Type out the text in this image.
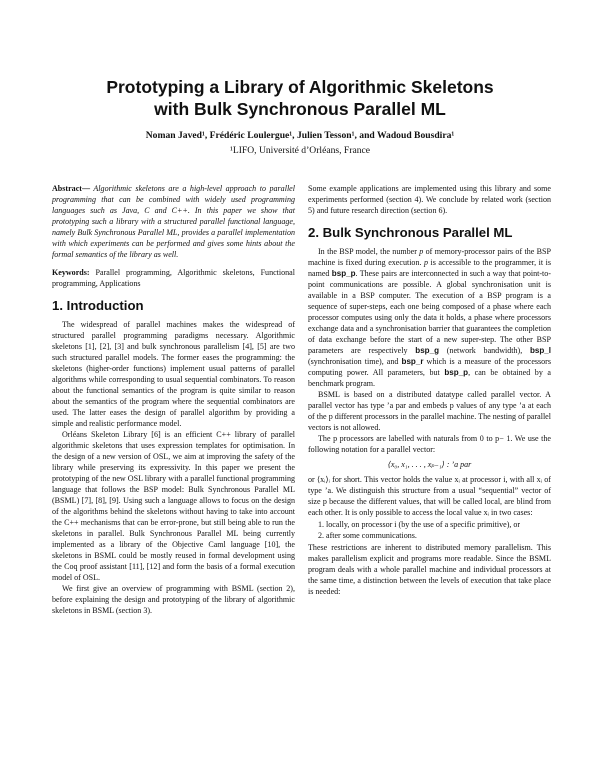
Prototyping a Library of Algorithmic Skeletons
with Bulk Synchronous Parallel ML
Noman Javed¹, Frédéric Loulergue¹, Julien Tesson¹, and Wadoud Bousdira¹
¹LIFO, Université d’Orléans, France

Abstract— Algorithmic skeletons are a high-level approach to parallel programming that can be combined with widely used programming languages such as Java, C and C++. In this paper we show that prototyping such a library with a structured parallel functional language, namely Bulk Synchronous Parallel ML, provides a parallel implementation with which experiments can be performed and gives some hints about the formal semantics of the library as well.

Keywords: Parallel programming, Algorithmic skeletons, Functional programming, Applications

1. Introduction

The widespread of parallel machines makes the widespread of structured parallel programming paradigms necessary. Algorithmic skeletons [1], [2], [3] and bulk synchronous parallelism [4], [5] are two such structured parallel models. The former eases the programming: the skeletons (higher-order functions) implement usual patterns of parallel algorithms while corresponding to usual sequential combinators. To reason about the functional semantics of the program is quite similar to reason about the semantics of the program where the sequential combinators are used. The latter eases the design of parallel algorithm by providing a simple and realistic performance model.

Orléans Skeleton Library [6] is an efficient C++ library of parallel algorithmic skeletons that uses expression templates for optimisation. In the design of a new version of OSL, we aim at improving the safety of the library while preserving its expressivity. In this paper we present the prototyping of the new OSL library with a parallel functional programming language that follows the BSP model: Bulk Synchronous Parallel ML (BSML) [7], [8], [9]. Using such a language allows to focus on the design of the algorithms behind the skeletons without having to take into account the C++ mechanisms that can be error-prone, but still being able to run the skeletons in parallel. Bulk Synchronous Parallel ML being currently implemented as a library of the Objective Caml language [10], the skeletons in BSML could be mostly reused in formal development using the Coq proof assistant [11], [12] and form the basis of a formal execution model of OSL.

We first give an overview of programming with BSML (section 2), before explaining the design and prototyping of the library of algorithmic skeletons in BSML (section 3).

Some example applications are implemented using this library and some experiments performed (section 4). We conclude by related work (section 5) and future research direction (section 6).

2. Bulk Synchronous Parallel ML

In the BSP model, the number p of memory-processor pairs of the BSP machine is fixed during execution. p is accessible to the programmer, it is named bsp_p. These pairs are interconnected in such a way that point-to-point communications are possible. A global synchronisation unit is available in a BSP computer. The execution of a BSP program is a sequence of super-steps, each one being composed of a phase where each processor computes using only the data it holds, a phase where processors exchange data and a synchronisation barrier that guarantees the completion of data exchange before the start of a new super-step. The other BSP parameters are respectively bsp_g (network bandwidth), bsp_l (synchronisation time), and bsp_r which is a measure of the processors computing power. All parameters, but bsp_p, can be obtained by a benchmark program.

BSML is based on a distributed datatype called parallel vector. A parallel vector has type ’a par and embeds p values of any type ’a at each of the p different processors in the parallel machine. The nesting of parallel vectors is not allowed.

The p processors are labelled with naturals from 0 to p− 1. We use the following notation for a parallel vector:

⟨x₀, x₁, . . . , xₚ₋₁⟩ : ’a par

or ⟨xᵢ⟩ᵢ for short. This vector holds the value xᵢ at processor i, with all xᵢ of type ’a. We distinguish this structure from a usual “sequential” vector of size p because the different values, that will be called local, are blind from each other. It is only possible to access the local value xᵢ in two cases:

1. locally, on processor i (by the use of a specific primitive), or
2. after some communications.

These restrictions are inherent to distributed memory parallelism. This makes parallelism explicit and programs more readable. Since the BSML program deals with a whole parallel machine and individual processors at the same time, a distinction between the levels of execution that take place is needed:
